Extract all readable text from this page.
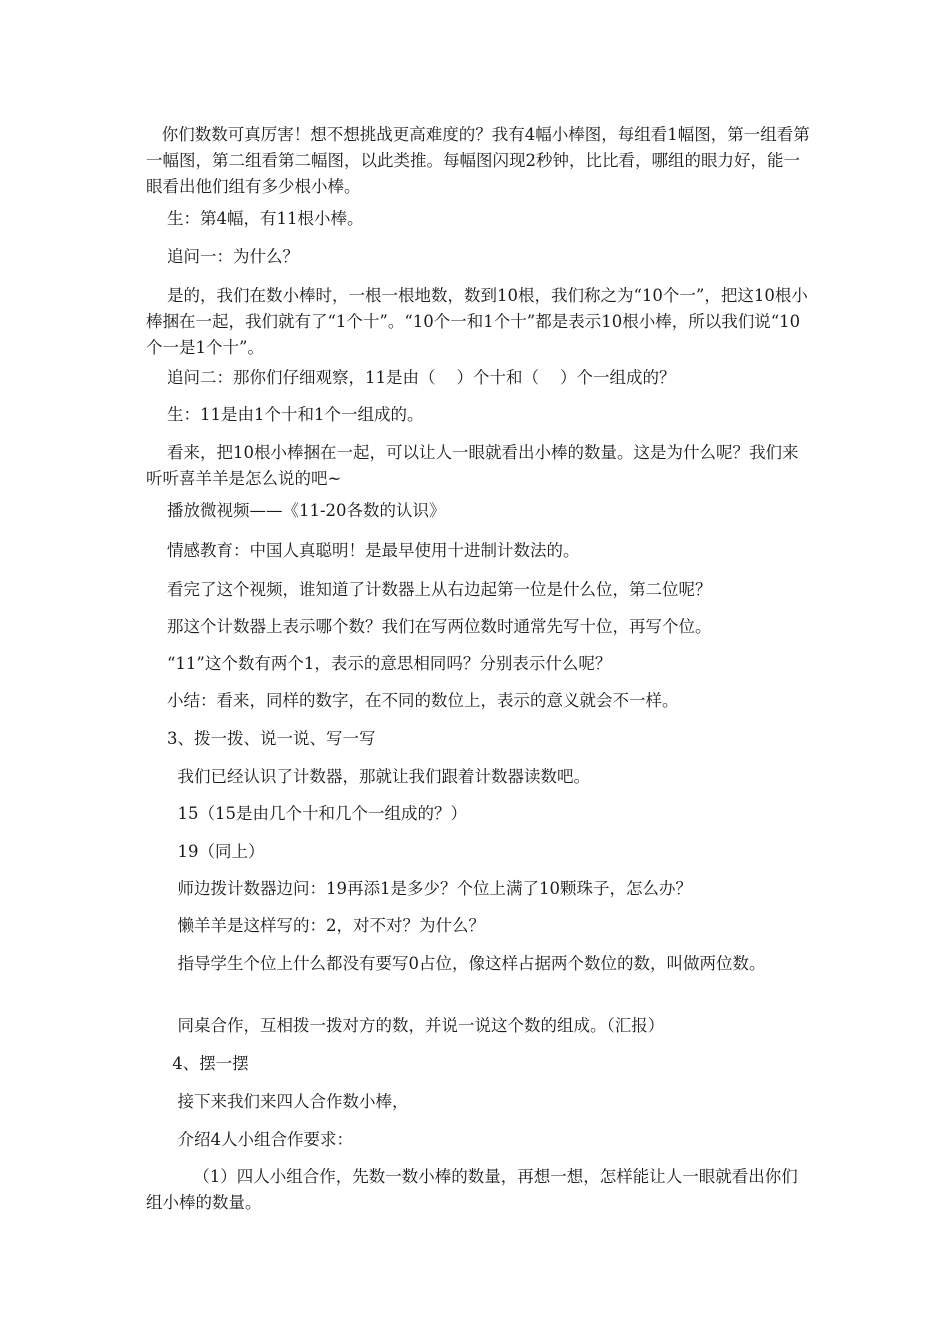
你们数数可真厉害！想不想挑战更高难度的？我有4幅小棒图，每组看1幅图，第一组看第一幅图，第二组看第二幅图，以此类推。每幅图闪现2秒钟，比比看，哪组的眼力好，能一眼看出他们组有多少根小棒。

生：第4幅，有11根小棒。

追问一：为什么？

是的，我们在数小棒时，一根一根地数，数到10根，我们称之为“10个一”，把这10根小棒捆在一起，我们就有了“1个十”。“10个一和1个十”都是表示10根小棒，所以我们说“10个一是1个十”。

追问二：那你们仔细观察，11是由（    ）个十和（    ）个一组成的？

生：11是由1个十和1个一组成的。

看来，把10根小棒捆在一起，可以让人一眼就看出小棒的数量。这是为什么呢？我们来听听喜羊羊是怎么说的吧~

播放微视频——《11-20各数的认识》

情感教育：中国人真聪明！是最早使用十进制计数法的。

看完了这个视频，谁知道了计数器上从右边起第一位是什么位，第二位呢？

那这个计数器上表示哪个数？我们在写两位数时通常先写十位，再写个位。

“11”这个数有两个1，表示的意思相同吗？分别表示什么呢？

小结：看来，同样的数字，在不同的数位上，表示的意义就会不一样。

3、拨一拨、说一说、写一写

我们已经认识了计数器，那就让我们跟着计数器读数吧。

15（15是由几个十和几个一组成的？）

19（同上）

师边拨计数器边问：19再添1是多少？个位上满了10颗珠子，怎么办？

懒羊羊是这样写的：2，对不对？为什么？

指导学生个位上什么都没有要写0占位，像这样占据两个数位的数，叫做两位数。

同桌合作，互相拨一拨对方的数，并说一说这个数的组成。（汇报）

4、摆一摆

接下来我们来四人合作数小棒，

介绍4人小组合作要求：

（1）四人小组合作，先数一数小棒的数量，再想一想，怎样能让人一眼就看出你们组小棒的数量。
